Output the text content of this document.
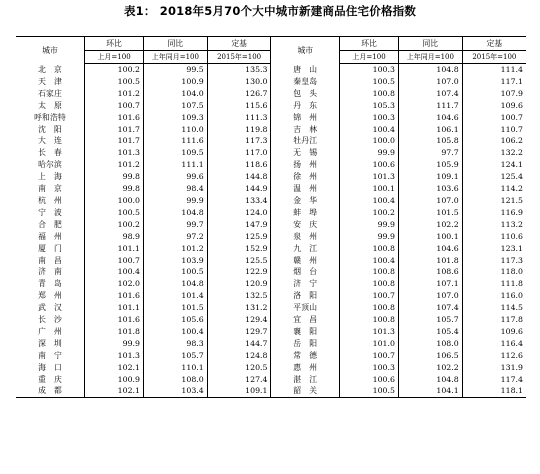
表1： 2018年5月70个大中城市新建商品住宅价格指数
城市	环比	同比	定基	城市	环比	同比	定基
	上月=100	上年同月=100	2015年=100		上月=100	上年同月=100	2015年=100
北　京	100.2	99.5	135.3	唐　山	100.3	104.8	111.4
天　津	100.5	100.9	130.0	秦皇岛	100.5	107.0	117.1
石家庄	101.2	104.0	126.7	包　头	100.8	107.4	107.9
太　原	100.7	107.5	115.6	丹　东	105.3	111.7	109.6
呼和浩特	101.6	109.3	111.3	锦　州	100.3	104.6	100.7
沈　阳	101.7	110.0	119.8	吉　林	100.4	106.1	110.7
大　连	101.7	111.6	117.3	牡丹江	100.0	105.8	106.2
长　春	101.3	109.5	117.0	无　锡	99.9	97.7	132.2
哈尔滨	101.2	111.1	118.6	扬　州	100.6	105.9	124.1
上　海	99.8	99.6	144.8	徐　州	101.3	109.1	125.4
南　京	99.8	98.4	144.9	温　州	100.1	103.6	114.2
杭　州	100.0	99.9	133.4	金　华	100.4	107.0	121.5
宁　波	100.5	104.8	124.0	蚌　埠	100.2	101.5	116.9
合　肥	100.2	99.7	147.9	安　庆	99.9	102.2	113.2
福　州	98.9	97.2	125.9	泉　州	99.9	100.1	110.6
厦　门	101.1	101.2	152.9	九　江	100.8	104.6	123.1
南　昌	100.7	103.9	125.5	赣　州	100.4	101.8	117.3
济　南	100.4	100.5	122.9	烟　台	100.8	108.6	118.0
青　岛	102.0	104.8	120.9	济　宁	100.8	107.1	111.8
郑　州	101.6	101.4	132.5	洛　阳	100.7	107.0	116.0
武　汉	101.1	101.5	131.2	平顶山	100.8	107.4	114.5
长　沙	101.6	105.6	129.4	宜　昌	100.8	105.7	117.8
广　州	101.8	100.4	129.7	襄　阳	101.3	105.4	109.6
深　圳	99.9	98.3	144.7	岳　阳	101.0	108.0	116.4
南　宁	101.3	105.7	124.8	常　德	100.7	106.5	112.6
海　口	102.1	110.1	120.5	惠　州	100.3	102.2	131.9
重　庆	100.9	108.0	127.4	湛　江	100.6	104.8	117.4
成　都	102.1	103.4	109.1	韶　关	100.5	104.1	118.1
